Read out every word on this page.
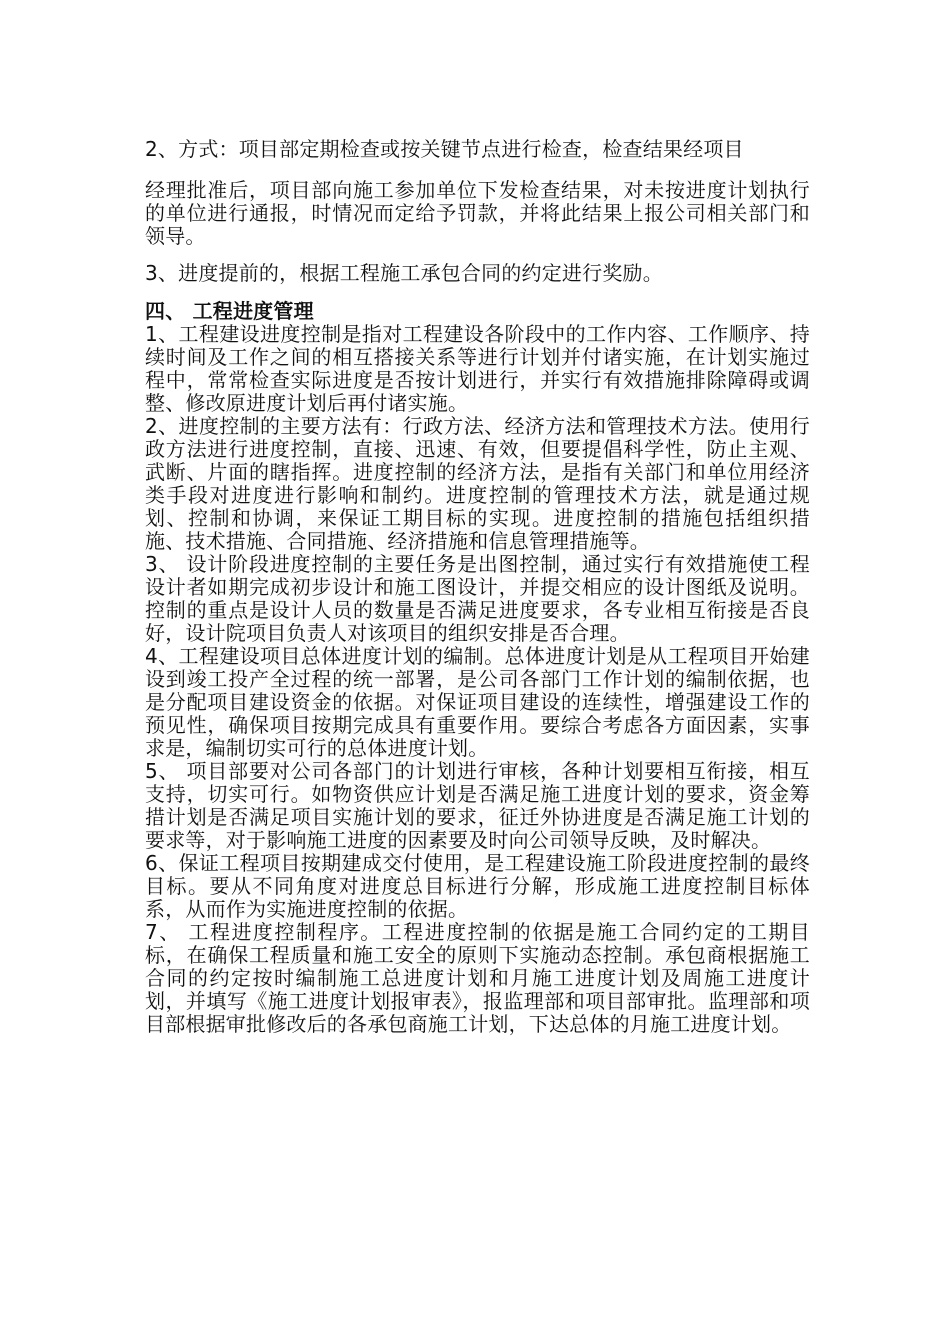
2、方式：项目部定期检查或按关键节点进行检查，检查结果经项目

经理批准后，项目部向施工参加单位下发检查结果，对未按进度计划执行的单位进行通报，时情况而定给予罚款，并将此结果上报公司相关部门和领导。

3、进度提前的，根据工程施工承包合同的约定进行奖励。

四、 工程进度管理

1、工程建设进度控制是指对工程建设各阶段中的工作内容、工作顺序、持续时间及工作之间的相互搭接关系等进行计划并付诸实施，在计划实施过程中，常常检查实际进度是否按计划进行，并实行有效措施排除障碍或调整、修改原进度计划后再付诸实施。

2、进度控制的主要方法有：行政方法、经济方法和管理技术方法。使用行政方法进行进度控制，直接、迅速、有效，但要提倡科学性，防止主观、武断、片面的瞎指挥。进度控制的经济方法，是指有关部门和单位用经济类手段对进度进行影响和制约。进度控制的管理技术方法，就是通过规划、控制和协调，来保证工期目标的实现。进度控制的措施包括组织措施、技术措施、合同措施、经济措施和信息管理措施等。

3、 设计阶段进度控制的主要任务是出图控制，通过实行有效措施使工程设计者如期完成初步设计和施工图设计，并提交相应的设计图纸及说明。控制的重点是设计人员的数量是否满足进度要求，各专业相互衔接是否良好，设计院项目负责人对该项目的组织安排是否合理。

4、工程建设项目总体进度计划的编制。总体进度计划是从工程项目开始建设到竣工投产全过程的统一部署，是公司各部门工作计划的编制依据，也是分配项目建设资金的依据。对保证项目建设的连续性，增强建设工作的预见性，确保项目按期完成具有重要作用。要综合考虑各方面因素，实事求是，编制切实可行的总体进度计划。

5、 项目部要对公司各部门的计划进行审核，各种计划要相互衔接，相互支持，切实可行。如物资供应计划是否满足施工进度计划的要求，资金筹措计划是否满足项目实施计划的要求，征迁外协进度是否满足施工计划的要求等，对于影响施工进度的因素要及时向公司领导反映，及时解决。

6、保证工程项目按期建成交付使用，是工程建设施工阶段进度控制的最终目标。要从不同角度对进度总目标进行分解，形成施工进度控制目标体系，从而作为实施进度控制的依据。

7、 工程进度控制程序。工程进度控制的依据是施工合同约定的工期目标，在确保工程质量和施工安全的原则下实施动态控制。承包商根据施工合同的约定按时编制施工总进度计划和月施工进度计划及周施工进度计划，并填写《施工进度计划报审表》，报监理部和项目部审批。监理部和项目部根据审批修改后的各承包商施工计划，下达总体的月施工进度计划。
